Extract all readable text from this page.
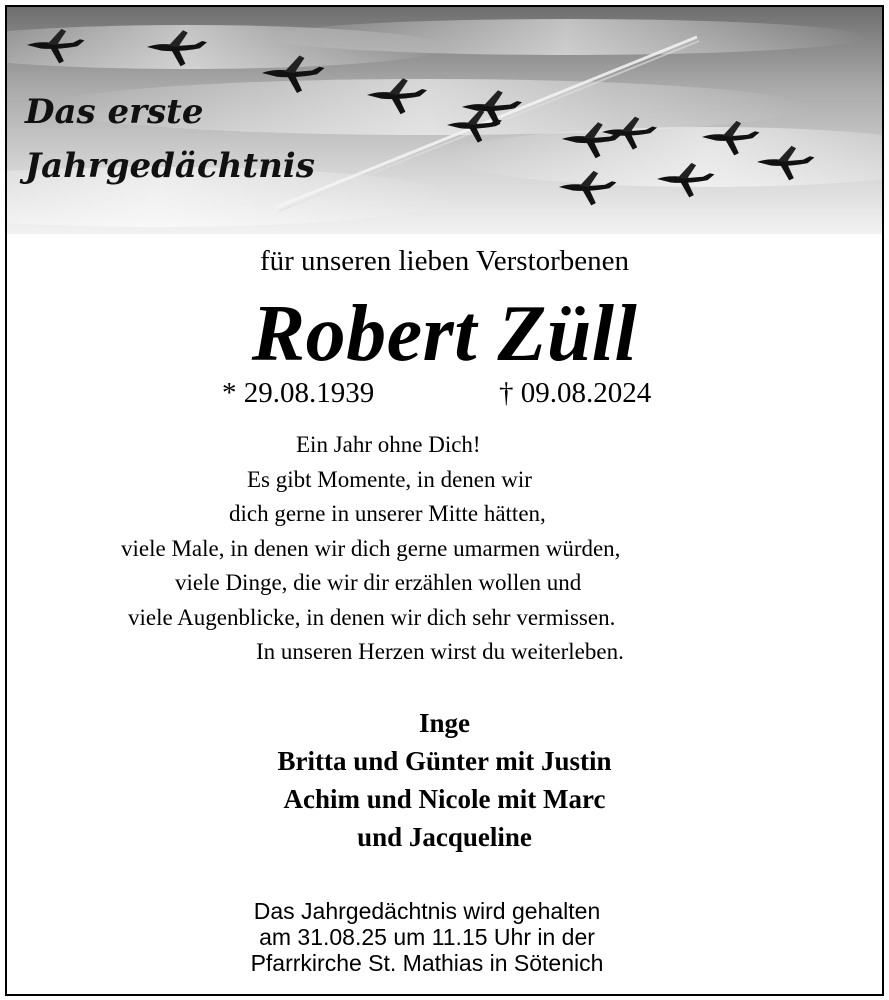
Das erste
Jahrgedächtnis
für unseren lieben Verstorbenen
Robert Züll
* 29.08.1939	† 09.08.2024
Ein Jahr ohne Dich!
Es gibt Momente, in denen wir
dich gerne in unserer Mitte hätten,
viele Male, in denen wir dich gerne umarmen würden,
viele Dinge, die wir dir erzählen wollen und
viele Augenblicke, in denen wir dich sehr vermissen.
In unseren Herzen wirst du weiterleben.
Inge
Britta und Günter mit Justin
Achim und Nicole mit Marc
und Jacqueline
Das Jahrgedächtnis wird gehalten
am 31.08.25 um 11.15 Uhr in der
Pfarrkirche St. Mathias in Sötenich
